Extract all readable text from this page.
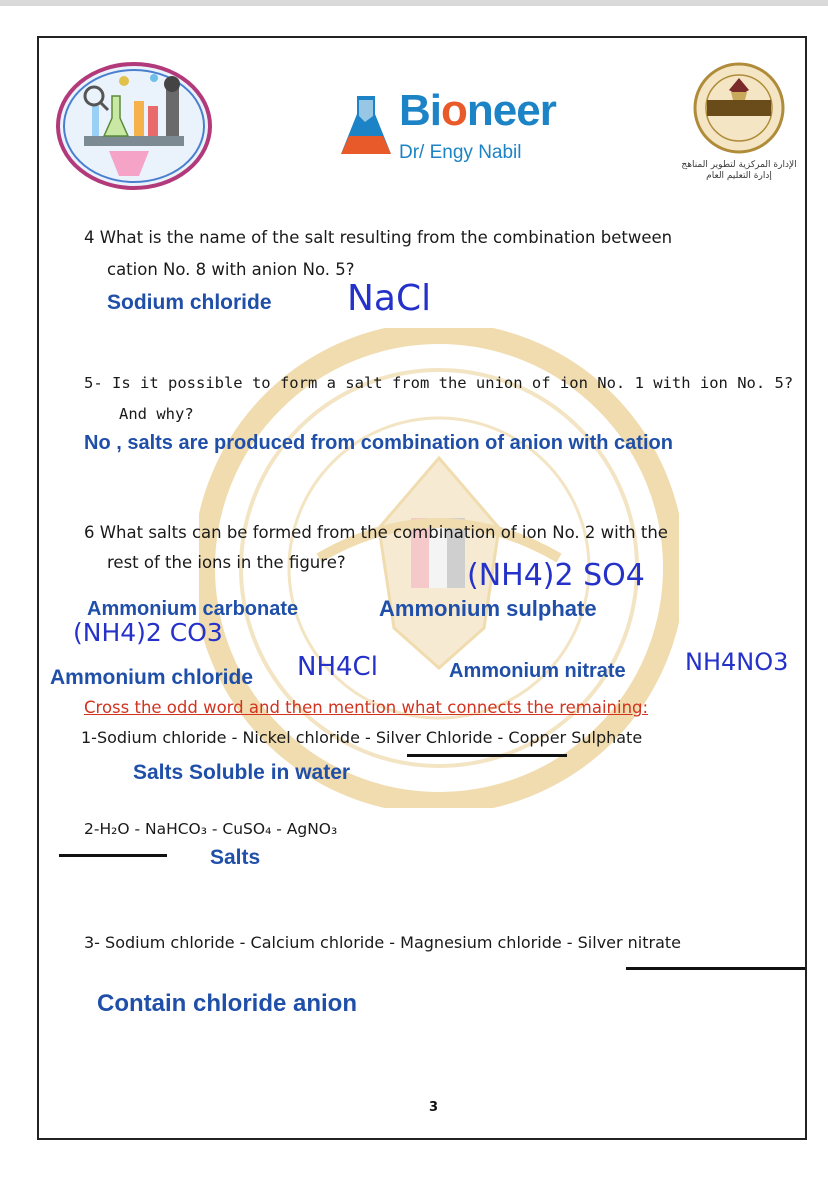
Bioneer
Dr/ Engy Nabil
الإدارة المركزية لتطوير المناهج
إدارة التعليم العام
4 What is the name of the salt resulting from the combination between
cation No. 8 with anion No. 5?
Sodium chloride NaCl
5- Is it possible to form a salt from the union of ion No. 1 with ion No. 5?
And why?
No , salts are produced from combination of anion with cation
6 What salts can be formed from the combination of ion No. 2 with the
rest of the ions in the figure?	(NH4)2 SO4
Ammonium carbonate	Ammonium sulphate
(NH4)2 CO3
Ammonium chloride NH4Cl	Ammonium nitrate NH4NO3
Cross the odd word and then mention what connects the remaining:
1-Sodium chloride - Nickel chloride - Silver Chloride - Copper Sulphate
Salts Soluble in water
2-H₂O - NaHCO₃ - CuSO₄ - AgNO₃
Salts
3- Sodium chloride - Calcium chloride - Magnesium chloride - Silver nitrate
Contain chloride anion
3
